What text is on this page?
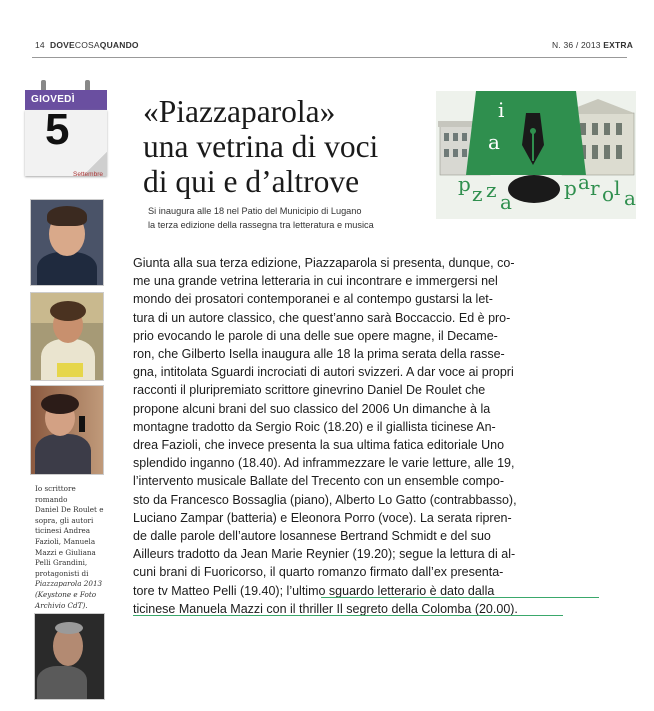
14 DOVECOSAQUANDO	N. 36 / 2013 EXTRA
GIOVEDÌ
5
Settembre

Io scrittore romando

Daniel De Roulet e

sopra, gli autori

ticinesi Andrea

Fazioli, Manuela

Mazzi e Giuliana

Pelli Grandini,

protagonisti di

Piazzaparola 2013

(Keystone e Foto

Archivio CdT).

«Piazzaparola»
una vetrina di voci
di qui e d’altrove
Si inaugura alle 18 nel Patio del Municipio di Lugano
la terza edizione della rassegna tra letteratura e musica
p z z a
p a r o l a
i
a
Giunta alla sua terza edizione, Piazzaparola si presenta, dunque, co-
me una grande vetrina letteraria in cui incontrare e immergersi nel
mondo dei prosatori contemporanei e al contempo gustarsi la let-
tura di un autore classico, che quest’anno sarà Boccaccio. Ed è pro-
prio evocando le parole di una delle sue opere magne, il Decame-
ron, che Gilberto Isella inaugura alle 18 la prima serata della rasse-
gna, intitolata Sguardi incrociati di autori svizzeri. A dar voce ai propri
racconti il pluripremiato scrittore ginevrino Daniel De Roulet che
propone alcuni brani del suo classico del 2006 Un dimanche à la
montagne tradotto da Sergio Roic (18.20) e il giallista ticinese An-
drea Fazioli, che invece presenta la sua ultima fatica editoriale Uno
splendido inganno (18.40). Ad inframmezzare le varie letture, alle 19,
l’intervento musicale Ballate del Trecento con un ensemble compo-
sto da Francesco Bossaglia (piano), Alberto Lo Gatto (contrabbasso),
Luciano Zampar (batteria) e Eleonora Porro (voce). La serata ripren-
de dalle parole dell’autore losannese Bertrand Schmidt e del suo
Ailleurs tradotto da Jean Marie Reynier (19.20); segue la lettura di al-
cuni brani di Fuoricorso, il quarto romanzo firmato dall’ex presenta-
tore tv Matteo Pelli (19.40); l’ultimo sguardo letterario è dato dalla
ticinese Manuela Mazzi con il thriller Il segreto della Colomba (20.00).
